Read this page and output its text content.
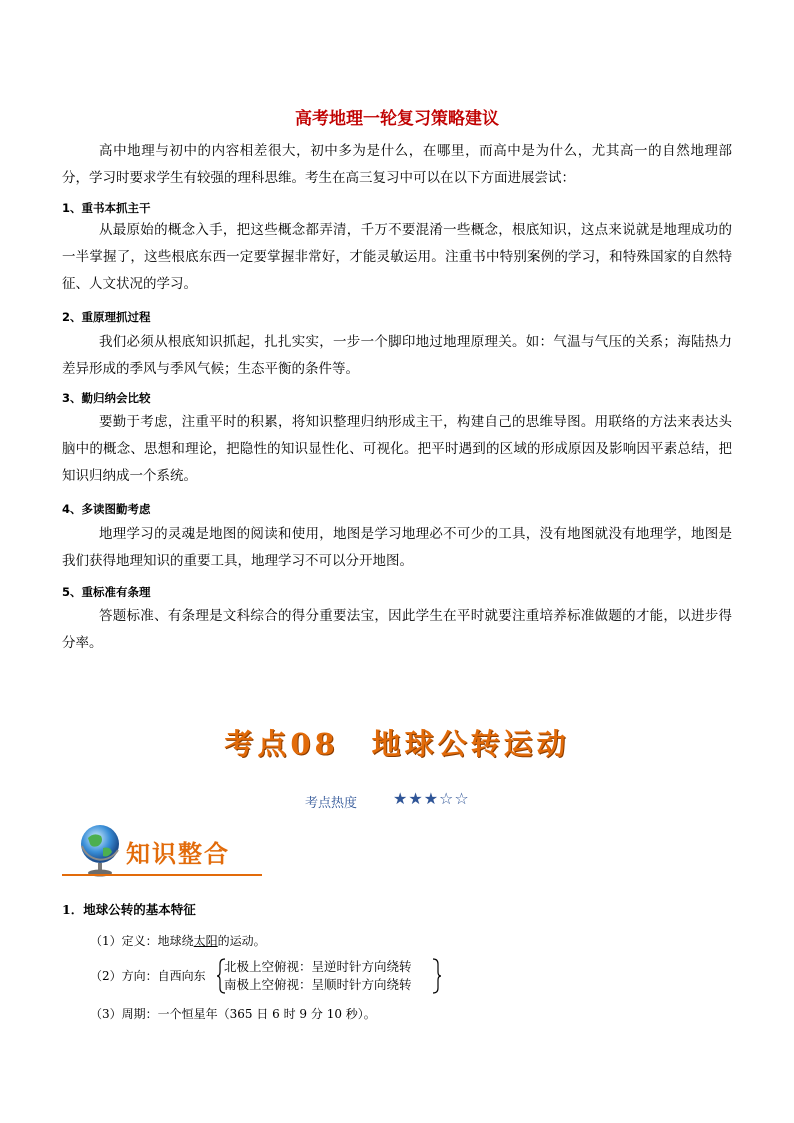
高考地理一轮复习策略建议
高中地理与初中的内容相差很大，初中多为是什么，在哪里，而高中是为什么，尤其高一的自然地理部分，学习时要求学生有较强的理科思维。考生在高三复习中可以在以下方面进展尝试：
1、重书本抓主干
从最原始的概念入手，把这些概念都弄清，千万不要混淆一些概念，根底知识，这点来说就是地理成功的一半掌握了，这些根底东西一定要掌握非常好，才能灵敏运用。注重书中特别案例的学习，和特殊国家的自然特征、人文状况的学习。
2、重原理抓过程
我们必须从根底知识抓起，扎扎实实，一步一个脚印地过地理原理关。如：气温与气压的关系；海陆热力差异形成的季风与季风气候；生态平衡的条件等。
3、勤归纳会比较
要勤于考虑，注重平时的积累，将知识整理归纳形成主干，构建自己的思维导图。用联络的方法来表达头脑中的概念、思想和理论，把隐性的知识显性化、可视化。把平时遇到的区域的形成原因及影响因平素总结，把知识归纳成一个系统。
4、多读图勤考虑
地理学习的灵魂是地图的阅读和使用，地图是学习地理必不可少的工具，没有地图就没有地理学，地图是我们获得地理知识的重要工具，地理学习不可以分开地图。
5、重标准有条理
答题标准、有条理是文科综合的得分重要法宝，因此学生在平时就要注重培养标准做题的才能，以进步得分率。
考点08　地球公转运动
考点热度 ★★★☆☆
知识整合
1．地球公转的基本特征
（1）定义：地球绕太阳的运动。
（2）方向：自西向东
北极上空俯视：呈逆时针方向绕转
南极上空俯视：呈顺时针方向绕转
（3）周期：一个恒星年（365 日 6 时 9 分 10 秒）。
